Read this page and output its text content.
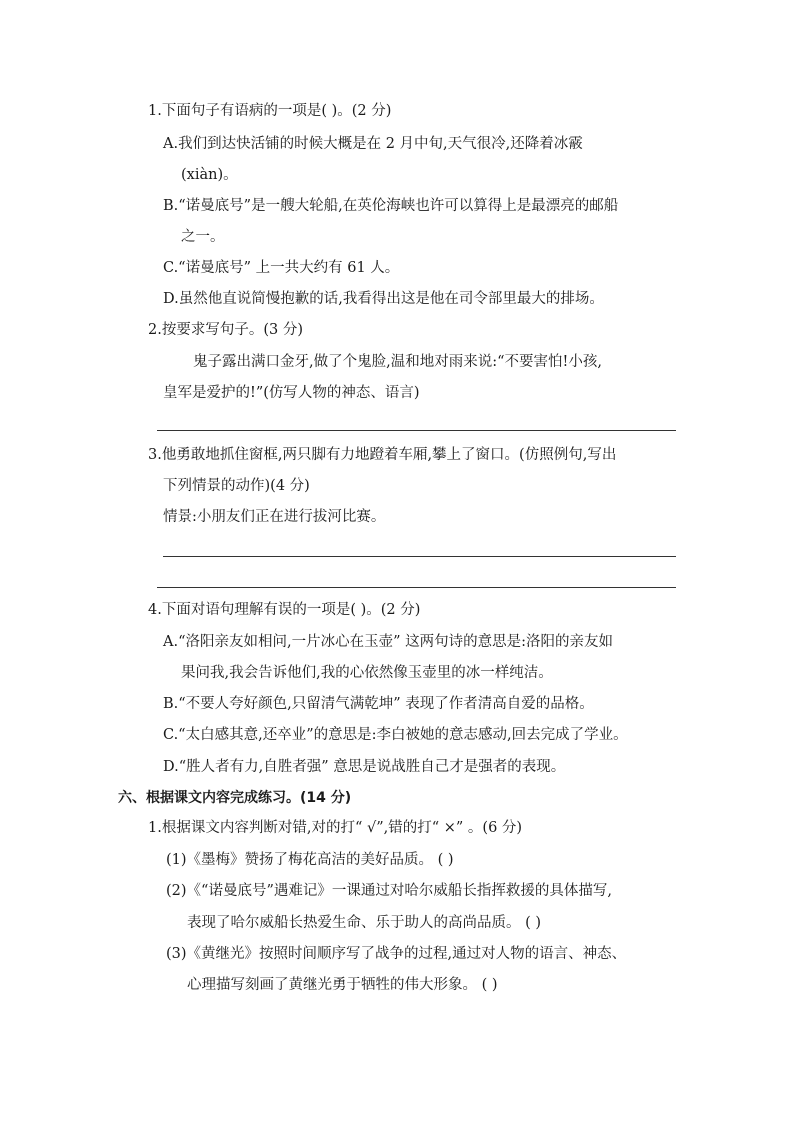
1.下面句子有语病的一项是( )。(2 分)
A.我们到达快活铺的时候大概是在 2 月中旬,天气很冷,还降着冰霰
(xiàn)。
B.“诺曼底号”是一艘大轮船,在英伦海峡也许可以算得上是最漂亮的邮船
之一。
C.“诺曼底号” 上一共大约有 61 人。
D.虽然他直说简慢抱歉的话,我看得出这是他在司令部里最大的排场。
2.按要求写句子。(3 分)
鬼子露出满口金牙,做了个鬼脸,温和地对雨来说:“不要害怕!小孩,
皇军是爱护的!”(仿写人物的神态、语言)
3.他勇敢地抓住窗框,两只脚有力地蹬着车厢,攀上了窗口。(仿照例句,写出
下列情景的动作)(4 分)
情景:小朋友们正在进行拔河比赛。
4.下面对语句理解有误的一项是( )。(2 分)
A.“洛阳亲友如相问,一片冰心在玉壶” 这两句诗的意思是:洛阳的亲友如
果问我,我会告诉他们,我的心依然像玉壶里的冰一样纯洁。
B.“不要人夸好颜色,只留清气满乾坤” 表现了作者清高自爱的品格。
C.“太白感其意,还卒业”的意思是:李白被她的意志感动,回去完成了学业。
D.“胜人者有力,自胜者强” 意思是说战胜自己才是强者的表现。
六、根据课文内容完成练习。(14 分)
1.根据课文内容判断对错,对的打“ √”,错的打“ ×” 。(6 分)
(1)《墨梅》赞扬了梅花高洁的美好品质。 ( )
(2)《“诺曼底号”遇难记》一课通过对哈尔威船长指挥救援的具体描写,
表现了哈尔威船长热爱生命、乐于助人的高尚品质。 ( )
(3)《黄继光》按照时间顺序写了战争的过程,通过对人物的语言、神态、
心理描写刻画了黄继光勇于牺牲的伟大形象。 ( )
